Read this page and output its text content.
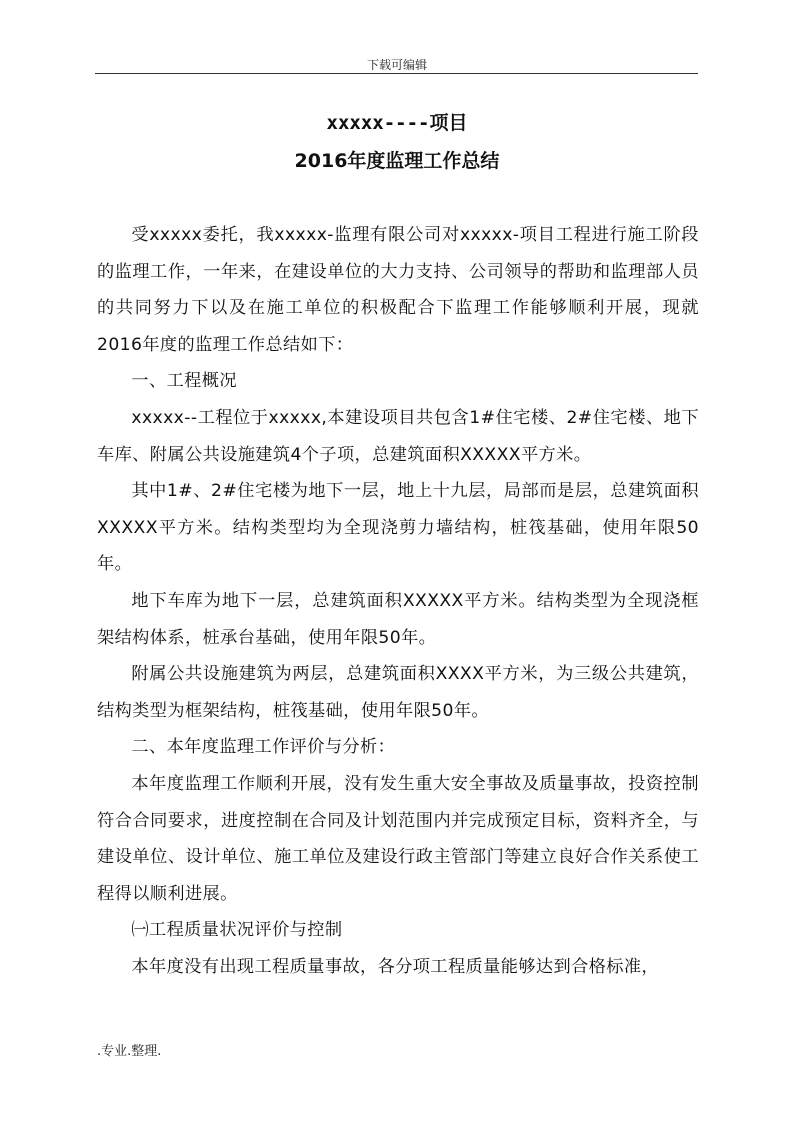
下载可编辑
xxxxx----项目
2016年度监理工作总结

受xxxxx委托，我xxxxx-监理有限公司对xxxxx-项目工程进行施工阶段的监理工作，一年来，在建设单位的大力支持、公司领导的帮助和监理部人员的共同努力下以及在施工单位的积极配合下监理工作能够顺利开展，现就2016年度的监理工作总结如下：

一、工程概况

xxxxx--工程位于xxxxx,本建设项目共包含1#住宅楼、2#住宅楼、地下车库、附属公共设施建筑4个子项，总建筑面积XXXXX平方米。

其中1#、2#住宅楼为地下一层，地上十九层，局部而是层，总建筑面积XXXXX平方米。结构类型均为全现浇剪力墙结构，桩筏基础，使用年限50年。

地下车库为地下一层，总建筑面积XXXXX平方米。结构类型为全现浇框架结构体系，桩承台基础，使用年限50年。

附属公共设施建筑为两层，总建筑面积XXXX平方米，为三级公共建筑，结构类型为框架结构，桩筏基础，使用年限50年。

二、本年度监理工作评价与分析：

本年度监理工作顺利开展，没有发生重大安全事故及质量事故，投资控制符合合同要求，进度控制在合同及计划范围内并完成预定目标，资料齐全，与建设单位、设计单位、施工单位及建设行政主管部门等建立良好合作关系使工程得以顺利进展。

㈠工程质量状况评价与控制

本年度没有出现工程质量事故，各分项工程质量能够达到合格标准，

.专业.整理.
